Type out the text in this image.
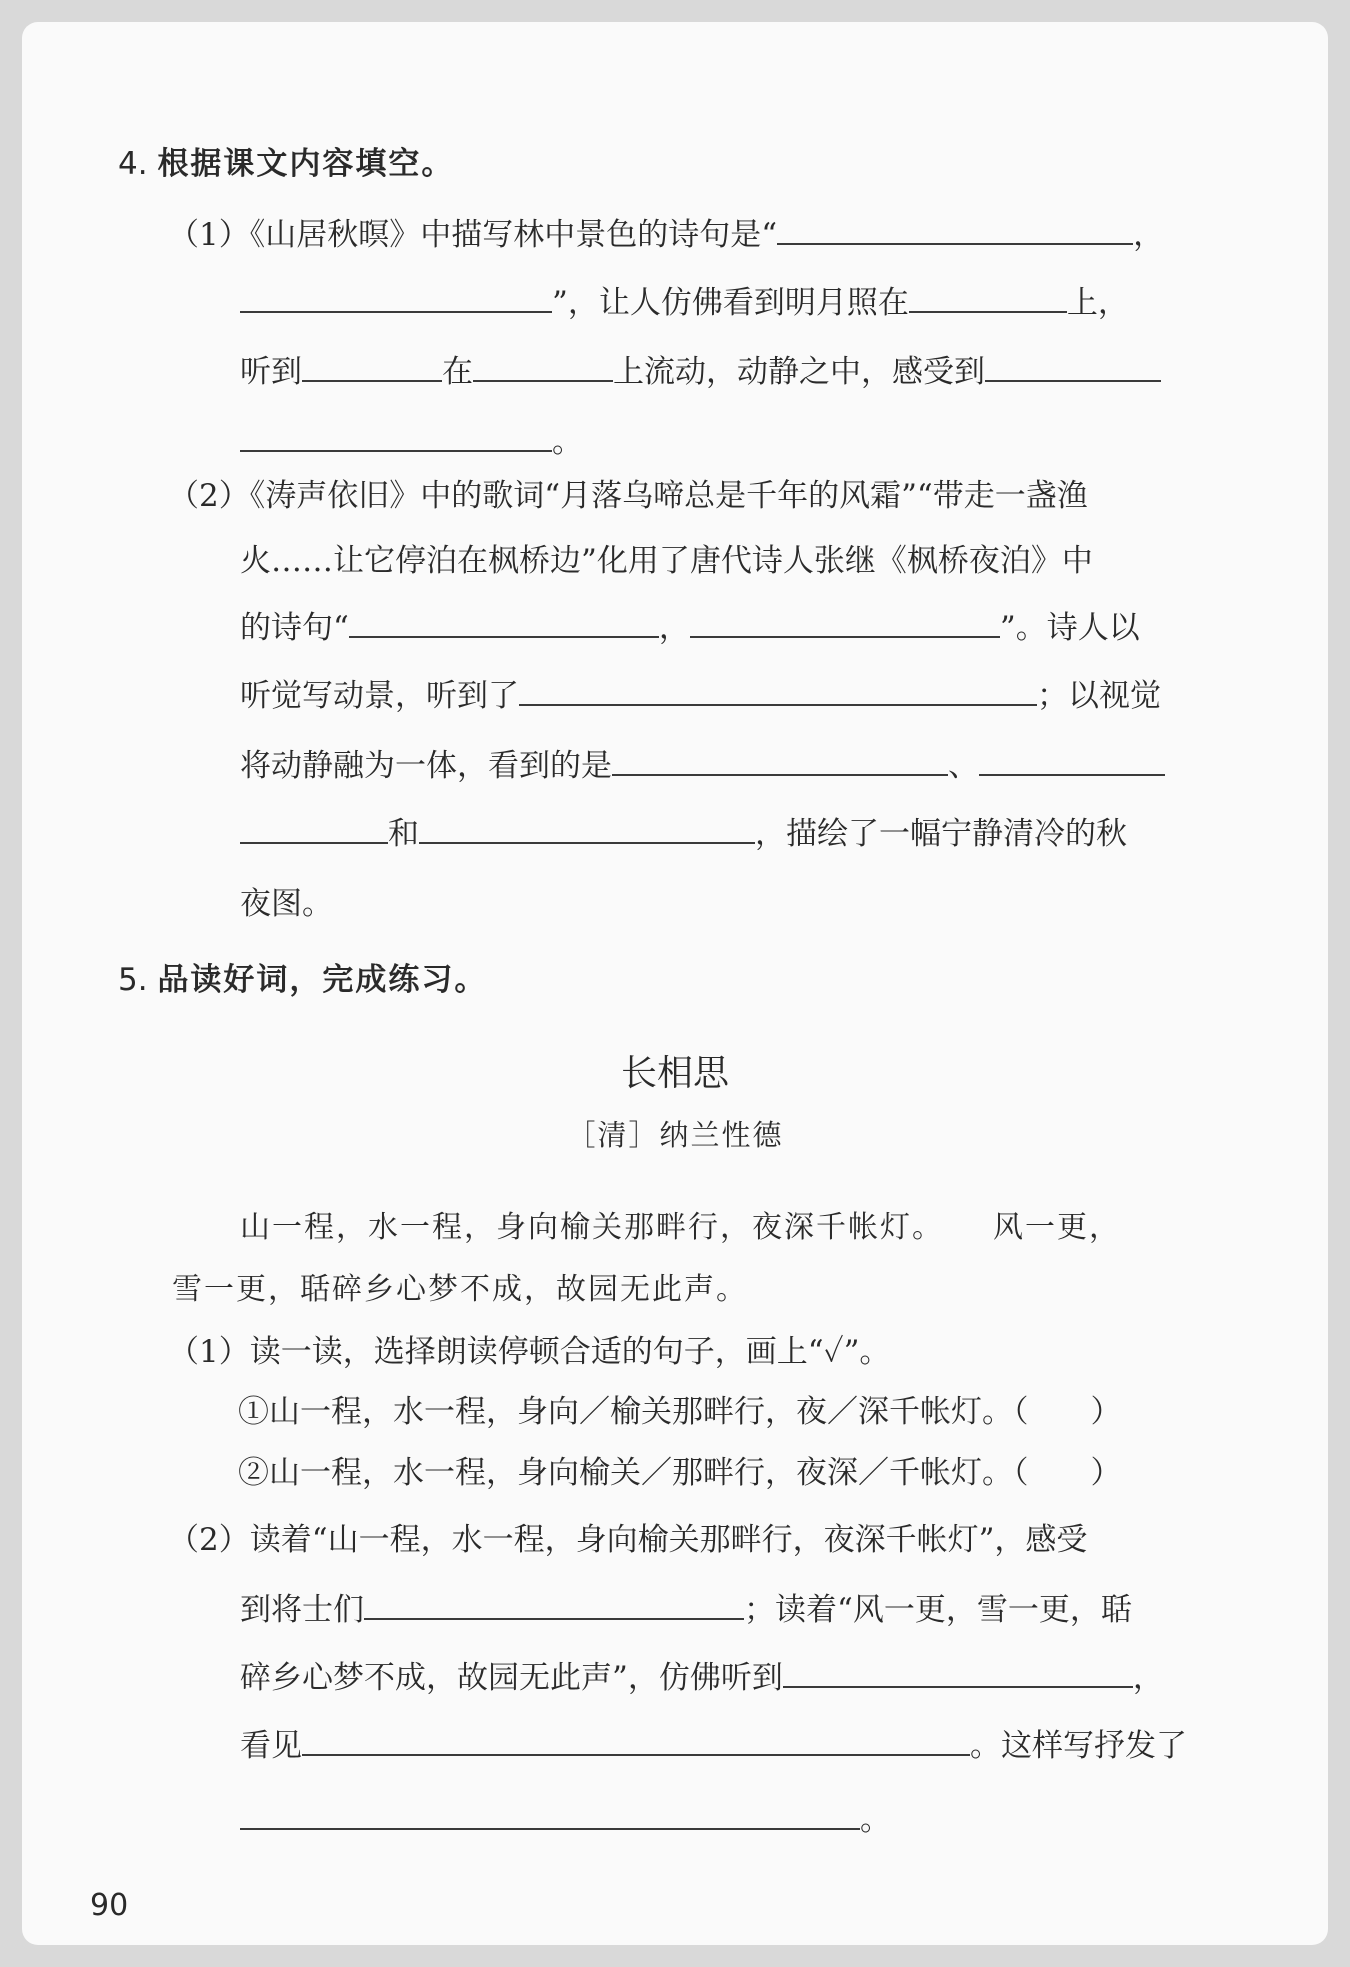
4. 根据课文内容填空。
（1）《山居秋暝》中描写林中景色的诗句是“	，
”，让人仿佛看到明月照在	上，
听到	在	上流动，动静之中，感受到
。
（2）《涛声依旧》中的歌词“月落乌啼总是千年的风霜”“带走一盏渔
火……让它停泊在枫桥边”化用了唐代诗人张继《枫桥夜泊》中
的诗句“	，	”。诗人以
听觉写动景，听到了	；以视觉
将动静融为一体，看到的是	、
和	，描绘了一幅宁静清冷的秋
夜图。
5. 品读好词，完成练习。
长相思
［清］纳兰性德
山一程，水一程，身向榆关那畔行，夜深千帐灯。　　风一更，
雪一更，聒碎乡心梦不成，故园无此声。
（1）读一读，选择朗读停顿合适的句子，画上“✓”。
①山一程，水一程，身向／榆关那畔行，夜／深千帐灯。（　　）
②山一程，水一程，身向榆关／那畔行，夜深／千帐灯。（　　）
（2）读着“山一程，水一程，身向榆关那畔行，夜深千帐灯”，感受
到将士们	；读着“风一更，雪一更，聒
碎乡心梦不成，故园无此声”，仿佛听到	，
看见	。这样写抒发了
。
90
